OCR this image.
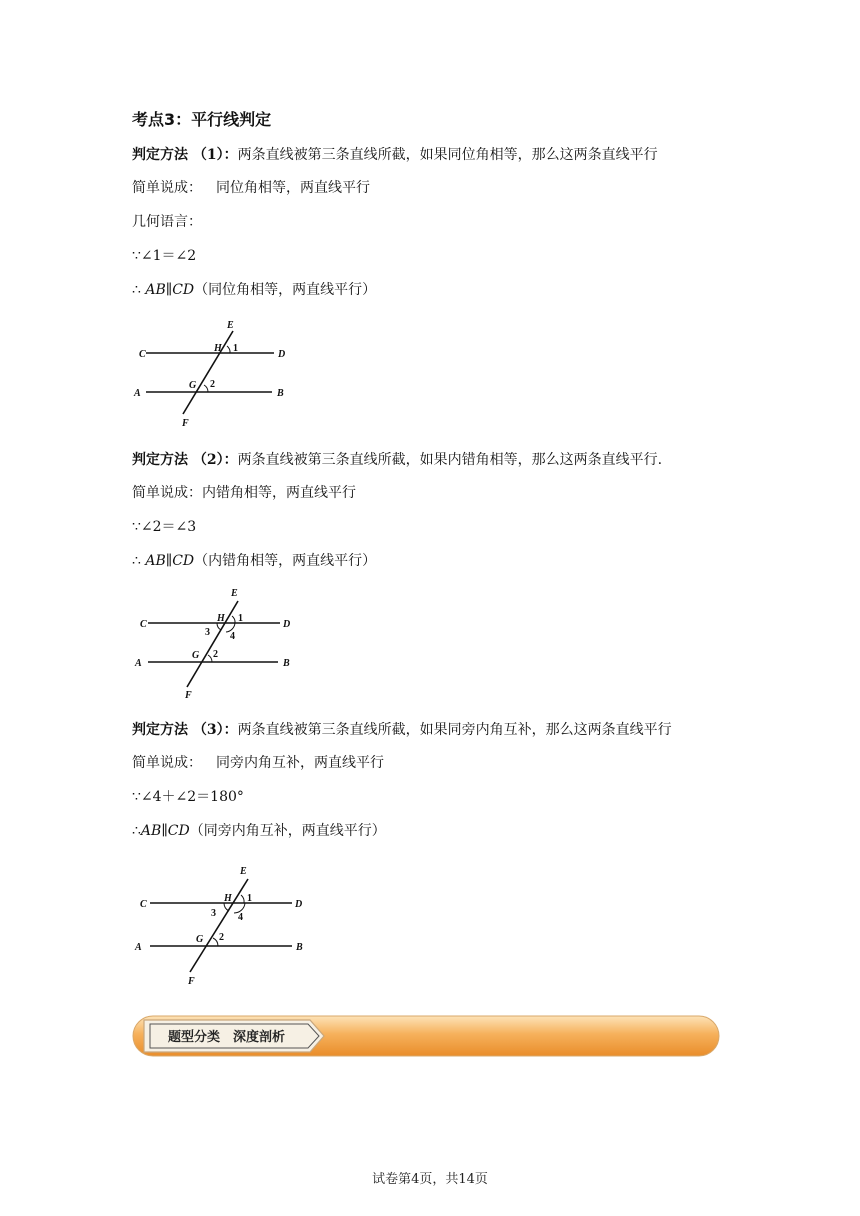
考点3：平行线判定
判定方法 （1）：两条直线被第三条直线所截，如果同位角相等，那么这两条直线平行
简单说成： 同位角相等，两直线平行
几何语言：
∵∠1＝∠2
∴ AB∥CD（同位角相等，两直线平行）
E
C
H 1
D
A
G 2
B
F
判定方法 （2）：两条直线被第三条直线所截，如果内错角相等，那么这两条直线平行.
简单说成：内错角相等，两直线平行
∵∠2＝∠3
∴ AB∥CD（内错角相等，两直线平行）
E
C
H 1
3 4
D
A
G 2
B
F
判定方法 （3）：两条直线被第三条直线所截，如果同旁内角互补，那么这两条直线平行
简单说成： 同旁内角互补，两直线平行
∵∠4＋∠2＝180°
∴AB∥CD（同旁内角互补，两直线平行）
E
C
H 1
3 4
D
A
G 2
B
F
题型分类　深度剖析
试卷第4页，共14页
